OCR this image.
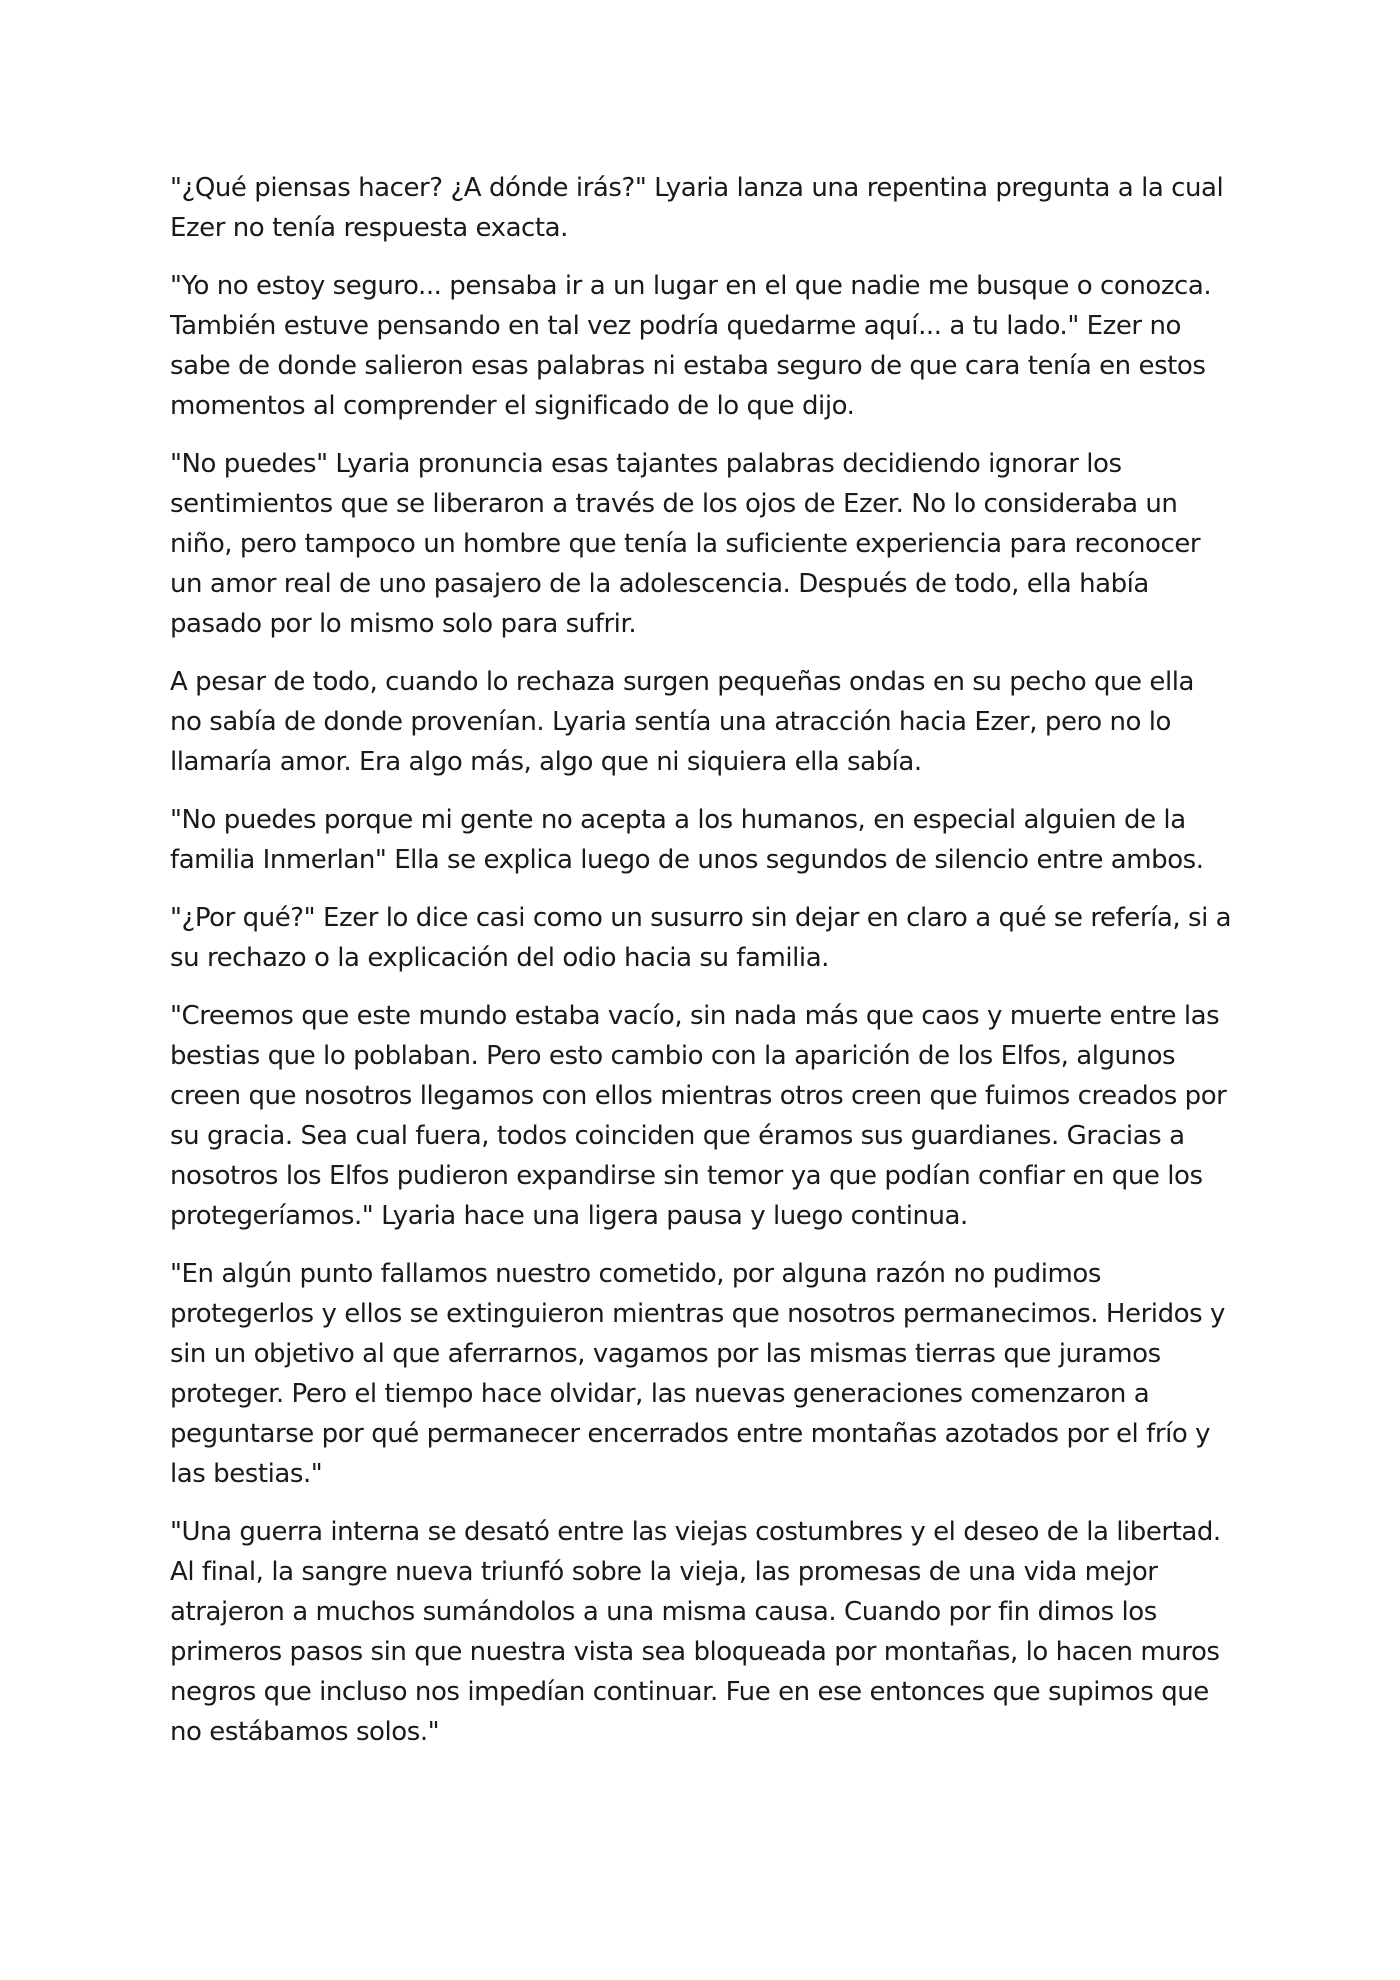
"¿Qué piensas hacer? ¿A dónde irás?" Lyaria lanza una repentina pregunta a la cual Ezer no tenía respuesta exacta.

"Yo no estoy seguro... pensaba ir a un lugar en el que nadie me busque o conozca. También estuve pensando en tal vez podría quedarme aquí... a tu lado." Ezer no sabe de donde salieron esas palabras ni estaba seguro de que cara tenía en estos momentos al comprender el significado de lo que dijo.

"No puedes" Lyaria pronuncia esas tajantes palabras decidiendo ignorar los sentimientos que se liberaron a través de los ojos de Ezer. No lo consideraba un niño, pero tampoco un hombre que tenía la suficiente experiencia para reconocer un amor real de uno pasajero de la adolescencia. Después de todo, ella había pasado por lo mismo solo para sufrir.

A pesar de todo, cuando lo rechaza surgen pequeñas ondas en su pecho que ella no sabía de donde provenían. Lyaria sentía una atracción hacia Ezer, pero no lo llamaría amor. Era algo más, algo que ni siquiera ella sabía.

"No puedes porque mi gente no acepta a los humanos, en especial alguien de la familia Inmerlan" Ella se explica luego de unos segundos de silencio entre ambos.

"¿Por qué?" Ezer lo dice casi como un susurro sin dejar en claro a qué se refería, si a su rechazo o la explicación del odio hacia su familia.

"Creemos que este mundo estaba vacío, sin nada más que caos y muerte entre las bestias que lo poblaban. Pero esto cambio con la aparición de los Elfos, algunos creen que nosotros llegamos con ellos mientras otros creen que fuimos creados por su gracia. Sea cual fuera, todos coinciden que éramos sus guardianes. Gracias a nosotros los Elfos pudieron expandirse sin temor ya que podían confiar en que los protegeríamos." Lyaria hace una ligera pausa y luego continua.

"En algún punto fallamos nuestro cometido, por alguna razón no pudimos protegerlos y ellos se extinguieron mientras que nosotros permanecimos. Heridos y sin un objetivo al que aferrarnos, vagamos por las mismas tierras que juramos proteger. Pero el tiempo hace olvidar, las nuevas generaciones comenzaron a peguntarse por qué permanecer encerrados entre montañas azotados por el frío y las bestias."

"Una guerra interna se desató entre las viejas costumbres y el deseo de la libertad. Al final, la sangre nueva triunfó sobre la vieja, las promesas de una vida mejor atrajeron a muchos sumándolos a una misma causa. Cuando por fin dimos los primeros pasos sin que nuestra vista sea bloqueada por montañas, lo hacen muros negros que incluso nos impedían continuar. Fue en ese entonces que supimos que no estábamos solos."
